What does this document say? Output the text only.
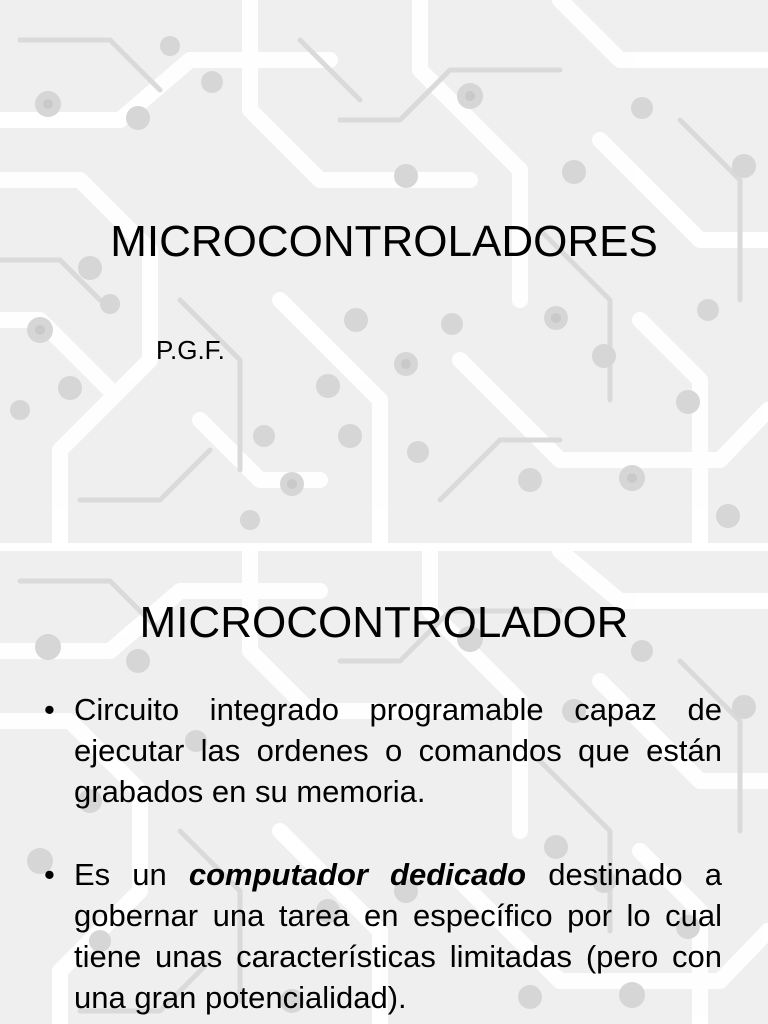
MICROCONTROLADORES
P.G.F.
MICROCONTROLADOR
• Circuito integrado programable capaz de ejecutar las ordenes o comandos que están grabados en su memoria.
• Es un computador dedicado destinado a gobernar una tarea en específico por lo cual tiene unas características limitadas (pero con una gran potencialidad).
